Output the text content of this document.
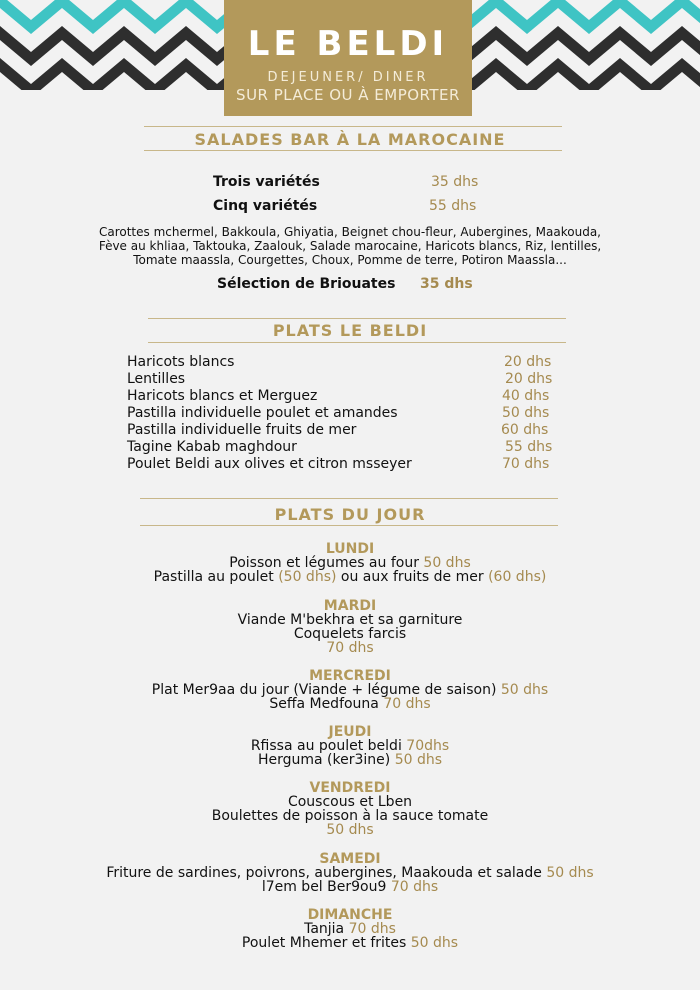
LE BELDI
DEJEUNER/ DINER
SUR PLACE OU À EMPORTER
SALADES BAR À LA MAROCAINE
Trois variétés	35 dhs
Cinq variétés	55 dhs
Carottes mchermel, Bakkoula, Ghiyatia, Beignet chou-fleur, Aubergines, Maakouda,
Fève au khliaa, Taktouka, Zaalouk, Salade marocaine, Haricots blancs, Riz, lentilles,
Tomate maassla, Courgettes, Choux, Pomme de terre, Potiron Maassla...
Sélection de Briouates 35 dhs
PLATS LE BELDI
Haricots blancs	20 dhs
Lentilles	20 dhs
Haricots blancs et Merguez	40 dhs
Pastilla individuelle poulet et amandes	50 dhs
Pastilla individuelle fruits de mer	60 dhs
Tagine Kabab maghdour	55 dhs
Poulet Beldi aux olives et citron msseyer	70 dhs
PLATS DU JOUR
LUNDI
Poisson et légumes au four 50 dhs
Pastilla au poulet (50 dhs) ou aux fruits de mer (60 dhs)
MARDI
Viande M'bekhra et sa garniture
Coquelets farcis
70 dhs
MERCREDI
Plat Mer9aa du jour (Viande + légume de saison) 50 dhs
Seffa Medfouna 70 dhs
JEUDI
Rfissa au poulet beldi 70dhs
Herguma (ker3ine) 50 dhs
VENDREDI
Couscous et Lben
Boulettes de poisson à la sauce tomate
50 dhs
SAMEDI
Friture de sardines, poivrons, aubergines, Maakouda et salade 50 dhs
l7em bel Ber9ou9 70 dhs
DIMANCHE
Tanjia 70 dhs
Poulet Mhemer et frites 50 dhs
